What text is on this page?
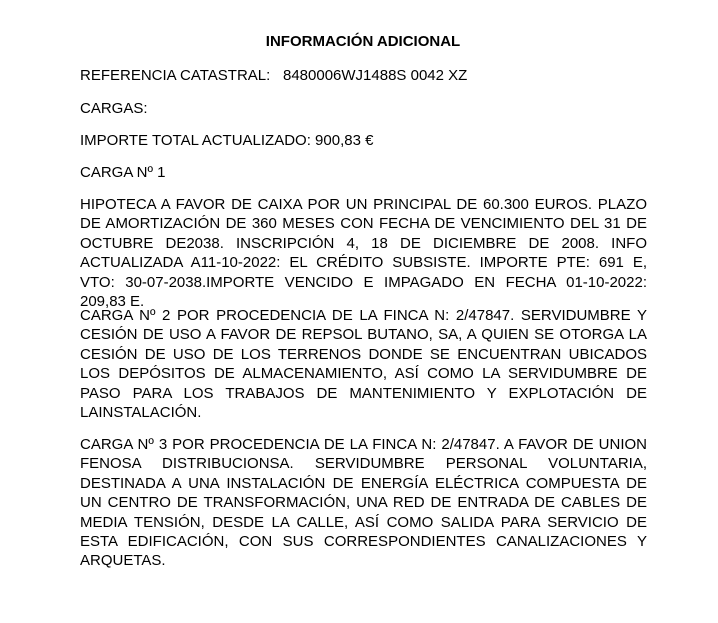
INFORMACIÓN ADICIONAL
REFERENCIA CATASTRAL: 8480006WJ1488S 0042 XZ
CARGAS:
IMPORTE TOTAL ACTUALIZADO: 900,83 €
CARGA Nº 1

HIPOTECA A FAVOR DE CAIXA POR UN PRINCIPAL DE 60.300 EUROS. PLAZO DE AMORTIZACIÓN DE 360 MESES CON FECHA DE VENCIMIENTO DEL 31 DE OCTUBRE DE2038. INSCRIPCIÓN 4, 18 DE DICIEMBRE DE 2008. INFO ACTUALIZADA A11-10-2022: EL CRÉDITO SUBSISTE. IMPORTE PTE: 691 E, VTO: 30-07-2038.IMPORTE VENCIDO E IMPAGADO EN FECHA 01-10-2022: 209,83 E.

CARGA Nº 2 POR PROCEDENCIA DE LA FINCA N: 2/47847. SERVIDUMBRE Y CESIÓN DE USO A FAVOR DE REPSOL BUTANO, SA, A QUIEN SE OTORGA LA CESIÓN DE USO DE LOS TERRENOS DONDE SE ENCUENTRAN UBICADOS LOS DEPÓSITOS DE ALMACENAMIENTO, ASÍ COMO LA SERVIDUMBRE DE PASO PARA LOS TRABAJOS DE MANTENIMIENTO Y EXPLOTACIÓN DE LAINSTALACIÓN.

CARGA Nº 3 POR PROCEDENCIA DE LA FINCA N: 2/47847. A FAVOR DE UNION FENOSA DISTRIBUCIONSA. SERVIDUMBRE PERSONAL VOLUNTARIA, DESTINADA A UNA INSTALACIÓN DE ENERGÍA ELÉCTRICA COMPUESTA DE UN CENTRO DE TRANSFORMACIÓN, UNA RED DE ENTRADA DE CABLES DE MEDIA TENSIÓN, DESDE LA CALLE, ASÍ COMO SALIDA PARA SERVICIO DE ESTA EDIFICACIÓN, CON SUS CORRESPONDIENTES CANALIZACIONES Y ARQUETAS.
